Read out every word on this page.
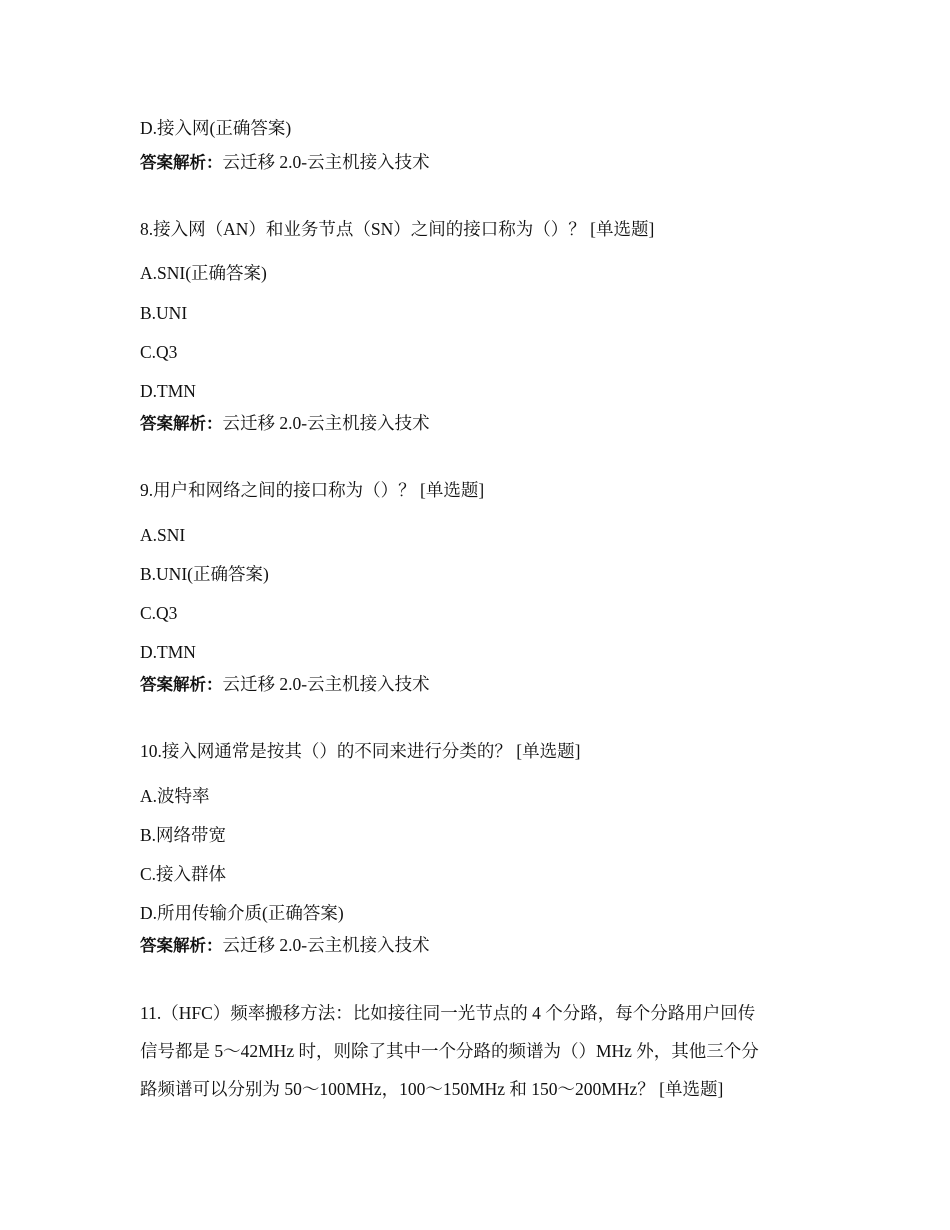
D.接入网(正确答案)

答案解析：云迁移 2.0-云主机接入技术

8.接入网（AN）和业务节点（SN）之间的接口称为（）？ [单选题]

A.SNI(正确答案)

B.UNI

C.Q3

D.TMN

答案解析：云迁移 2.0-云主机接入技术

9.用户和网络之间的接口称为（）？ [单选题]

A.SNI

B.UNI(正确答案)

C.Q3

D.TMN

答案解析：云迁移 2.0-云主机接入技术

10.接入网通常是按其（）的不同来进行分类的？ [单选题]

A.波特率

B.网络带宽

C.接入群体

D.所用传输介质(正确答案)

答案解析：云迁移 2.0-云主机接入技术

11.（HFC）频率搬移方法：比如接往同一光节点的 4 个分路，每个分路用户回传

信号都是 5～42MHz 时，则除了其中一个分路的频谱为（）MHz 外，其他三个分

路频谱可以分别为 50～100MHz，100～150MHz 和 150～200MHz？ [单选题]
